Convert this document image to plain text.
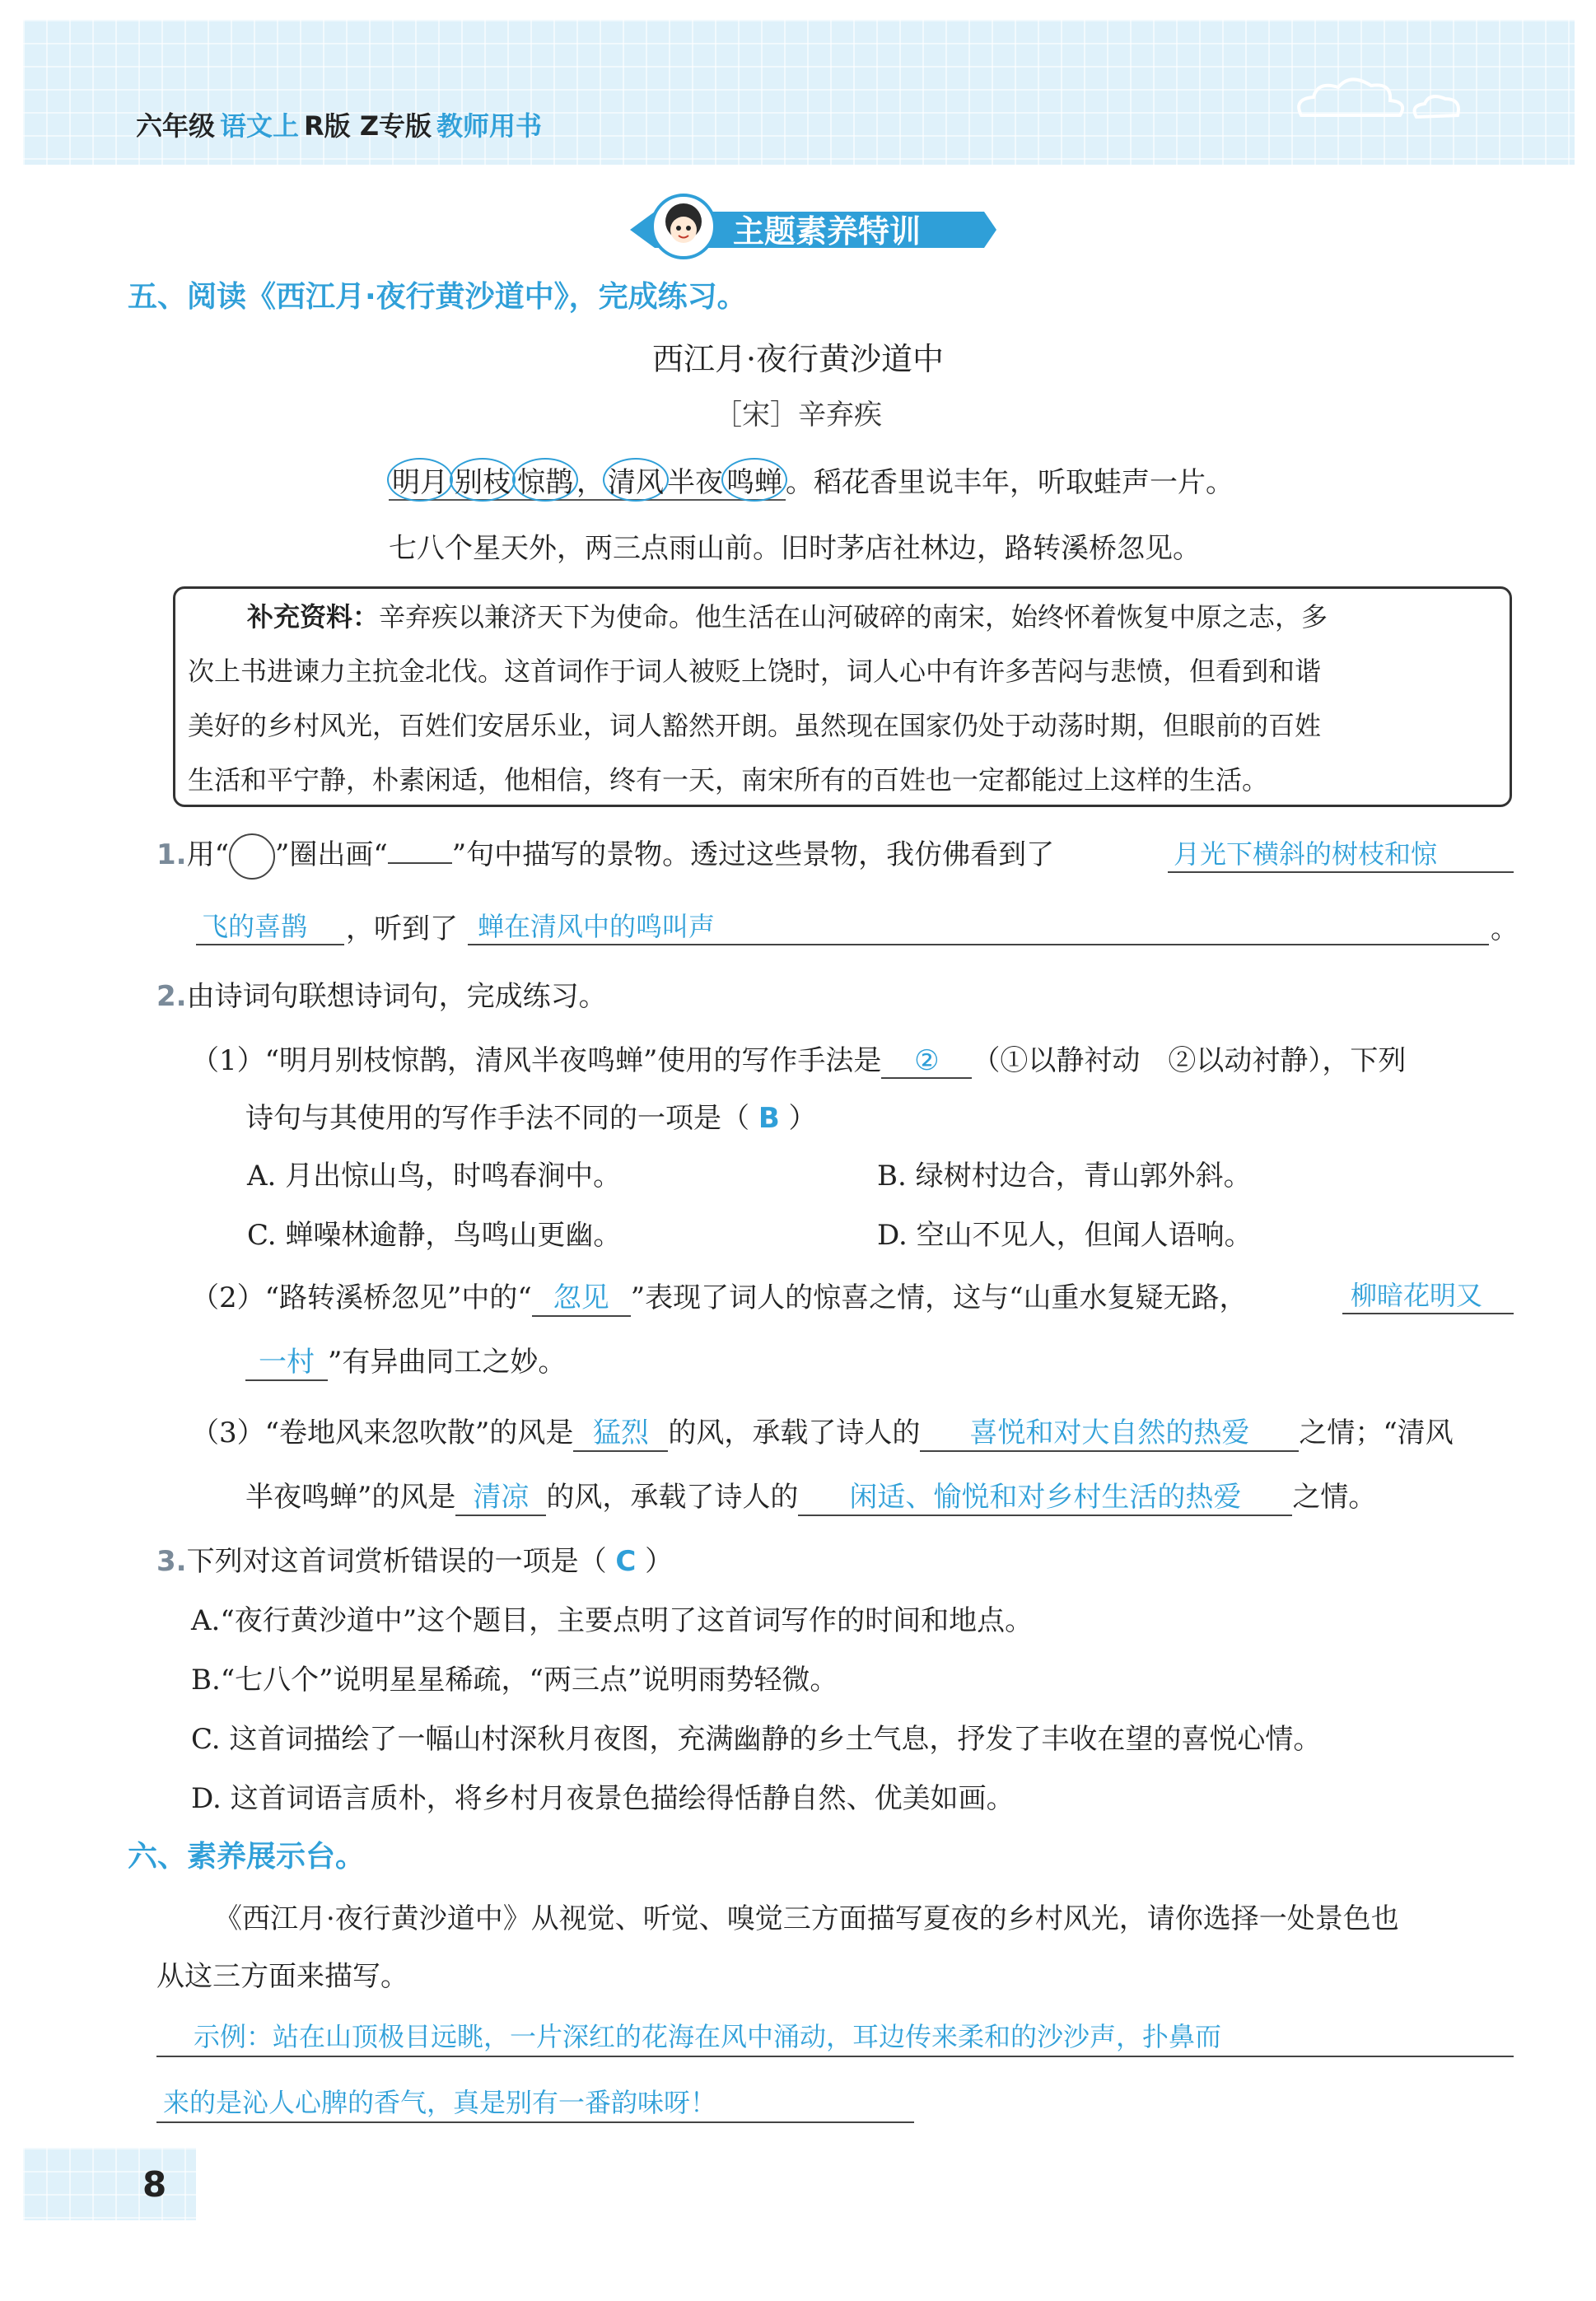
六年级 语文上 R版 Z专版 教师用书
主题素养特训
五、阅读《西江月·夜行黄沙道中》，完成练习。
西江月·夜行黄沙道中
［宋］辛弃疾
明月 别枝 惊鹊 ， 清风 半夜 鸣蝉 。稻花香里说丰年，听取蛙声一片。
七八个星天外，两三点雨山前。旧时茅店社林边，路转溪桥忽见。
补充资料：辛弃疾以兼济天下为使命。他生活在山河破碎的南宋，始终怀着恢复中原之志，多
次上书进谏力主抗金北伐。这首词作于词人被贬上饶时，词人心中有许多苦闷与悲愤，但看到和谐
美好的乡村风光，百姓们安居乐业，词人豁然开朗。虽然现在国家仍处于动荡时期，但眼前的百姓
生活和平宁静，朴素闲适，他相信，终有一天，南宋所有的百姓也一定都能过上这样的生活。
1.用“ ”圈出画“ ”句中描写的景物。透过这些景物，我仿佛看到了	月光下横斜的树枝和惊
飞的喜鹊 ，听到了 蝉在清风中的鸣叫声	。
2.由诗词句联想诗词句，完成练习。
（1）“明月别枝惊鹊，清风半夜鸣蝉”使用的写作手法是 ② （①以静衬动　②以动衬静），下列
诗句与其使用的写作手法不同的一项是（ B ）
A. 月出惊山鸟，时鸣春涧中。	B. 绿树村边合，青山郭外斜。
C. 蝉噪林逾静，鸟鸣山更幽。	D. 空山不见人，但闻人语响。
（2）“路转溪桥忽见”中的“ 忽见 ”表现了词人的惊喜之情，这与“山重水复疑无路，	柳暗花明又
一村 ”有异曲同工之妙。
（3）“卷地风来忽吹散”的风是 猛烈 的风，承载了诗人的 喜悦和对大自然的热爱 之情；“清风
半夜鸣蝉”的风是 清凉 的风，承载了诗人的 闲适、愉悦和对乡村生活的热爱 之情。
3.下列对这首词赏析错误的一项是（ C ）
A.“夜行黄沙道中”这个题目，主要点明了这首词写作的时间和地点。
B.“七八个”说明星星稀疏，“两三点”说明雨势轻微。
C. 这首词描绘了一幅山村深秋月夜图，充满幽静的乡土气息，抒发了丰收在望的喜悦心情。
D. 这首词语言质朴，将乡村月夜景色描绘得恬静自然、优美如画。
六、素养展示台。
《西江月·夜行黄沙道中》从视觉、听觉、嗅觉三方面描写夏夜的乡村风光，请你选择一处景色也
从这三方面来描写。
示例：站在山顶极目远眺，一片深红的花海在风中涌动，耳边传来柔和的沙沙声，扑鼻而
来的是沁人心脾的香气，真是别有一番韵味呀！
8
